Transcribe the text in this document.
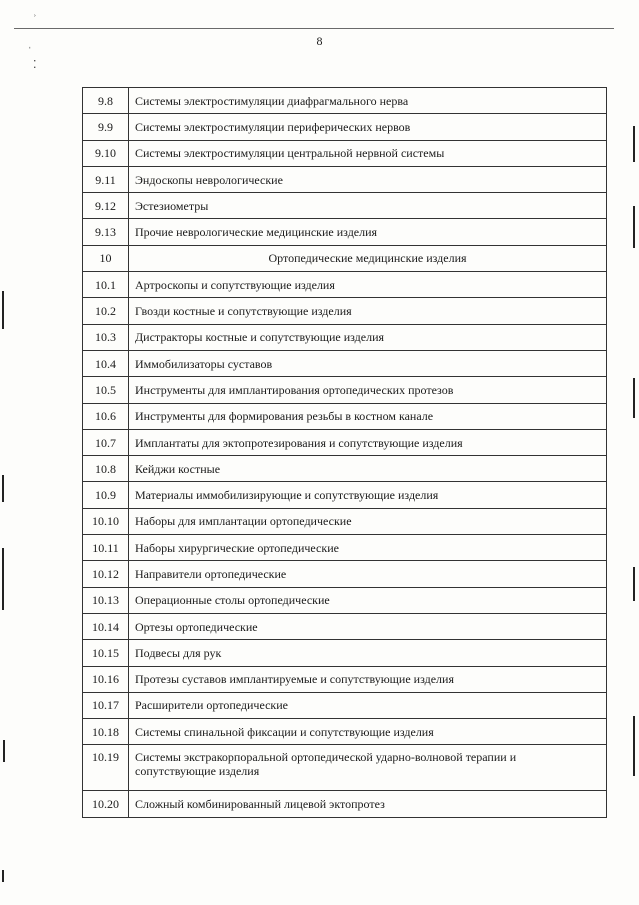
8
ʾ
ˌ
⁚
9.8	Системы электростимуляции диафрагмального нерва
9.9	Системы электростимуляции периферических нервов
9.10	Системы электростимуляции центральной нервной системы
9.11	Эндоскопы неврологические
9.12	Эстезиометры
9.13	Прочие неврологические медицинские изделия
10	Ортопедические медицинские изделия
10.1	Артроскопы и сопутствующие изделия
10.2	Гвозди костные и сопутствующие изделия
10.3	Дистракторы костные и сопутствующие изделия
10.4	Иммобилизаторы суставов
10.5	Инструменты для имплантирования ортопедических протезов
10.6	Инструменты для формирования резьбы в костном канале
10.7	Имплантаты для эктопротезирования и сопутствующие изделия
10.8	Кейджи костные
10.9	Материалы иммобилизирующие и сопутствующие изделия
10.10	Наборы для имплантации ортопедические
10.11	Наборы хирургические ортопедические
10.12	Направители ортопедические
10.13	Операционные столы ортопедические
10.14	Ортезы ортопедические
10.15	Подвесы для рук
10.16	Протезы суставов имплантируемые и сопутствующие изделия
10.17	Расширители ортопедические
10.18	Системы спинальной фиксации и сопутствующие изделия
10.19	Системы экстракорпоральной ортопедической ударно-волновой терапии и сопутствующие изделия
10.20	Сложный комбинированный лицевой эктопротез
